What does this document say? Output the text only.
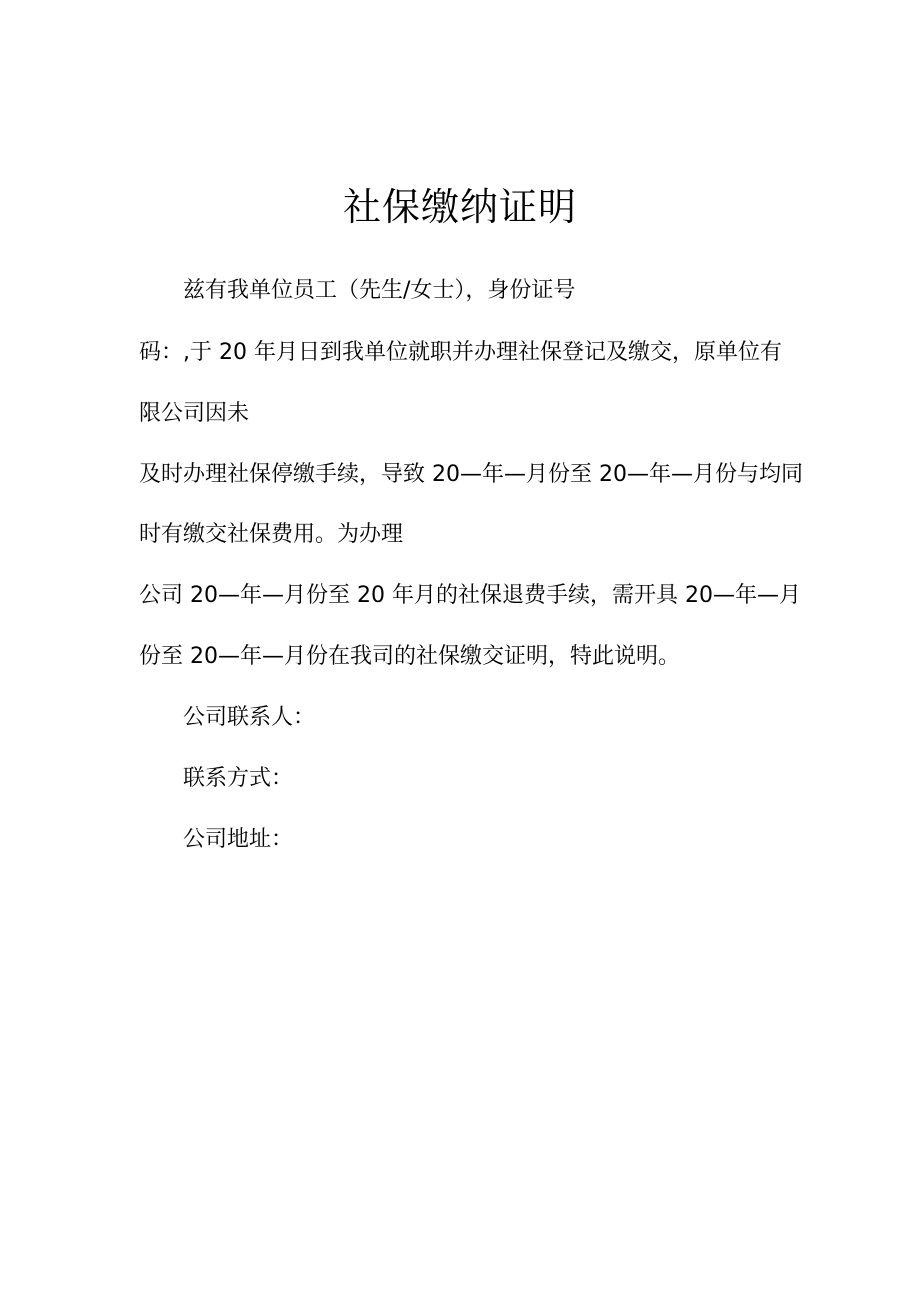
社保缴纳证明

兹有我单位员工（先生/女士），身份证号

码：,于 20 年月日到我单位就职并办理社保登记及缴交，原单位有

限公司因未

及时办理社保停缴手续，导致 20—年—月份至 20—年—月份与均同

时有缴交社保费用。为办理

公司 20—年—月份至 20 年月的社保退费手续，需开具 20—年—月

份至 20—年—月份在我司的社保缴交证明，特此说明。

公司联系人：

联系方式：

公司地址：
